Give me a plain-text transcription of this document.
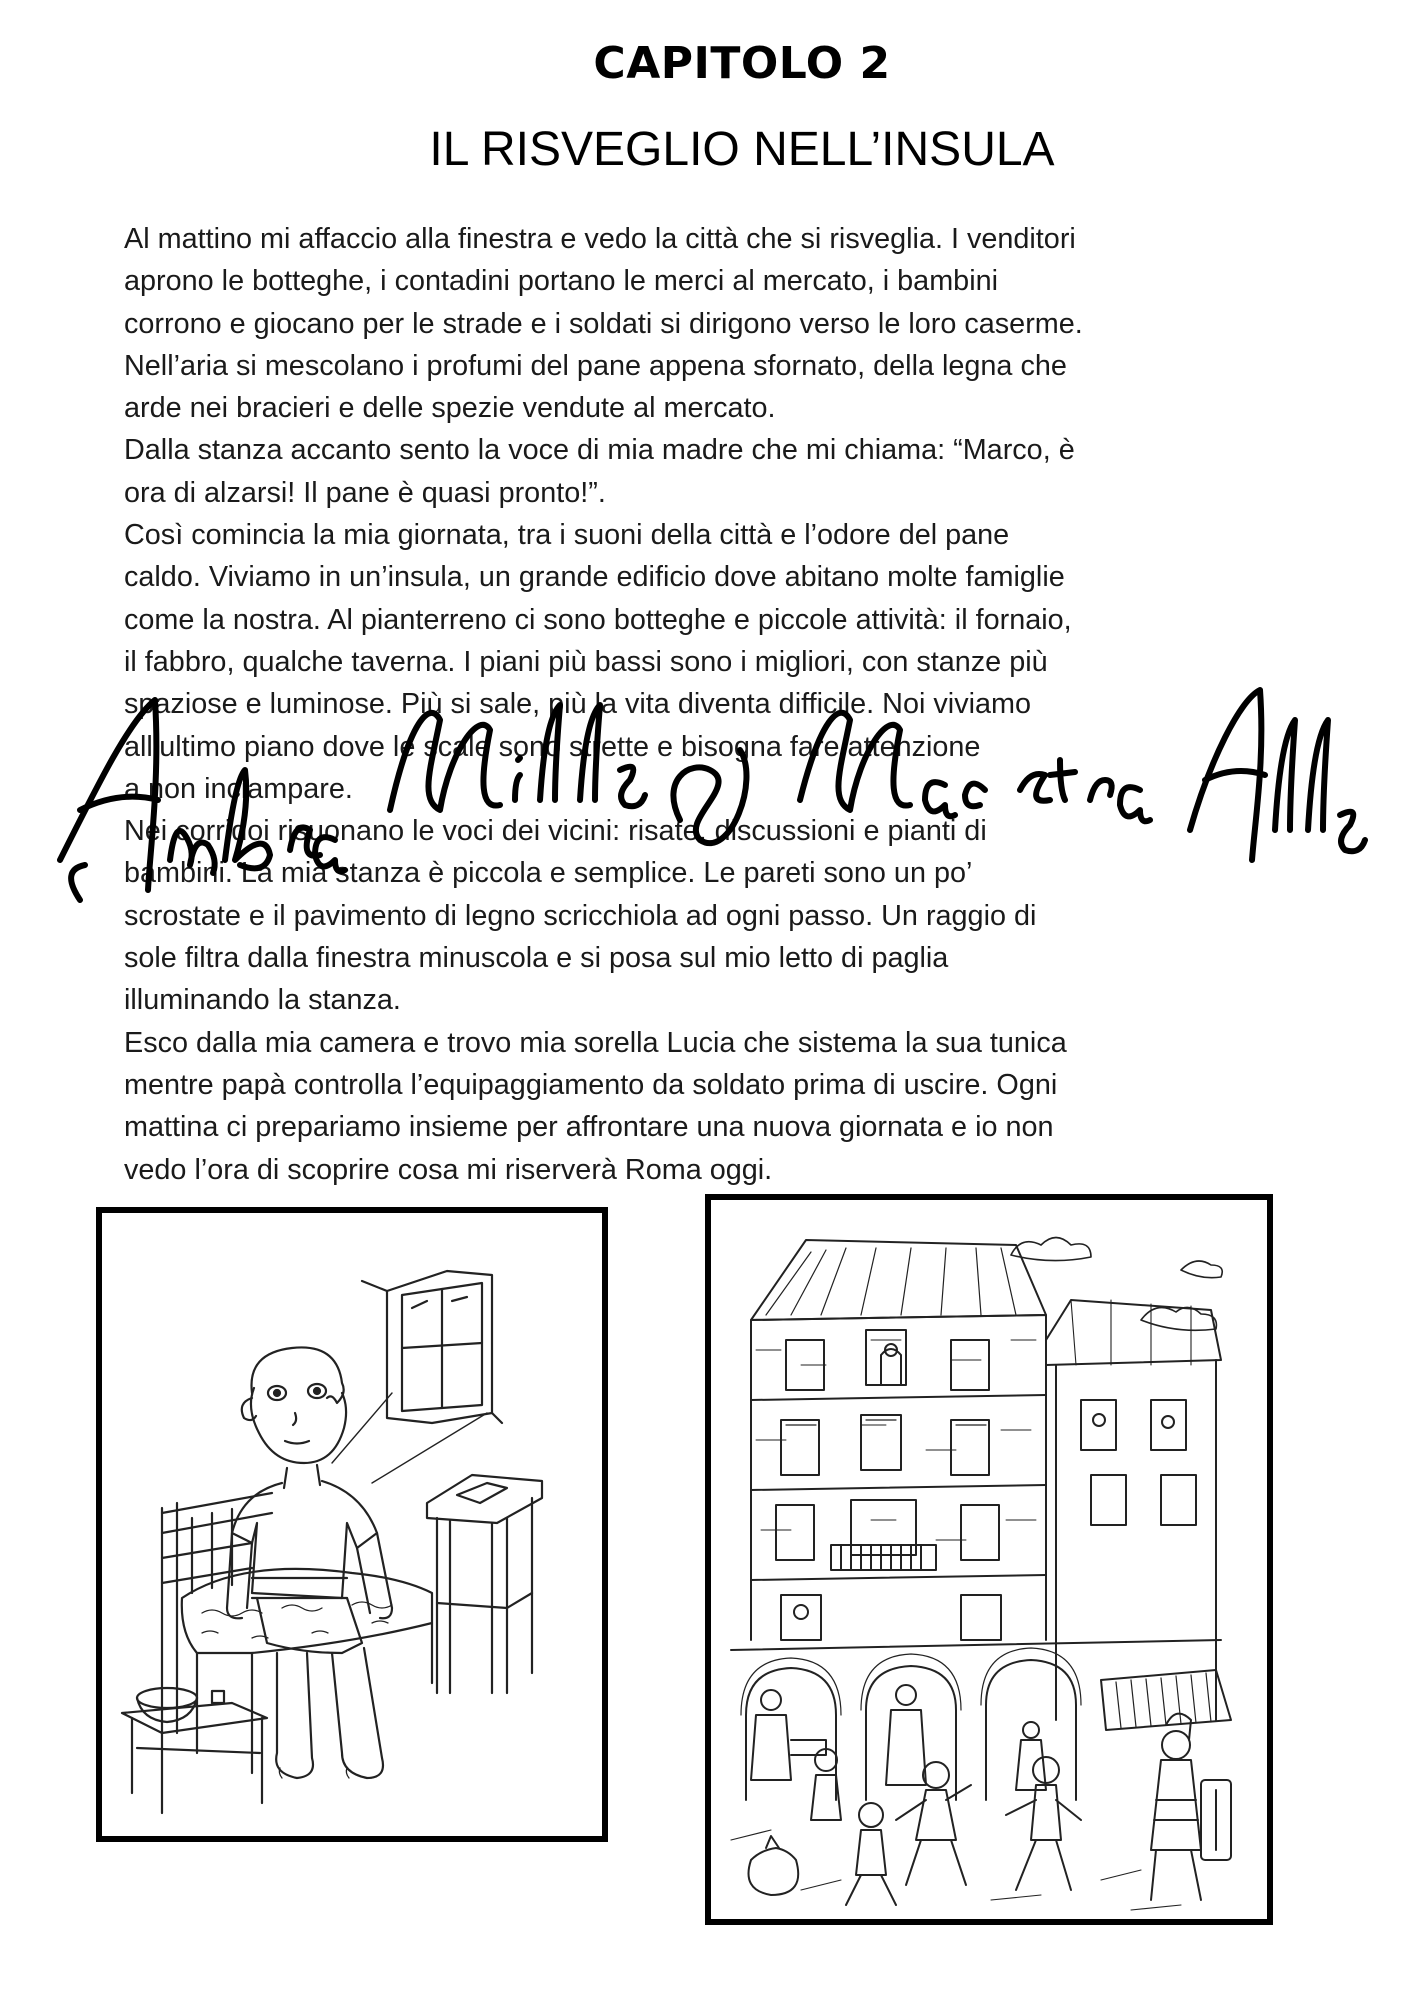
CAPITOLO 2
IL RISVEGLIO NELL’INSULA

Al mattino mi affaccio alla finestra e vedo la città che si risveglia. I venditori

aprono le botteghe, i contadini portano le merci al mercato, i bambini

corrono e giocano per le strade e i soldati si dirigono verso le loro caserme.

Nell’aria si mescolano i profumi del pane appena sfornato, della legna che

arde nei bracieri e delle spezie vendute al mercato.

Dalla stanza accanto sento la voce di mia madre che mi chiama: “Marco, è

ora di alzarsi! Il pane è quasi pronto!”.

Così comincia la mia giornata, tra i suoni della città e l’odore del pane

caldo. Viviamo in un’insula, un grande edificio dove abitano molte famiglie

come la nostra. Al pianterreno ci sono botteghe e piccole attività: il fornaio,

il fabbro, qualche taverna. I piani più bassi sono i migliori, con stanze più

spaziose e luminose. Più si sale, più la vita diventa difficile. Noi viviamo

all’ultimo piano dove le scale sono strette e bisogna fare attenzione

a non inciampare.

Nei corridoi risuonano le voci dei vicini: risate, discussioni e pianti di

bambini. La mia stanza è piccola e semplice. Le pareti sono un po’

scrostate e il pavimento di legno scricchiola ad ogni passo. Un raggio di

sole filtra dalla finestra minuscola e si posa sul mio letto di paglia

illuminando la stanza.

Esco dalla mia camera e trovo mia sorella Lucia che sistema la sua tunica

mentre papà controlla l’equipaggiamento da soldato prima di uscire. Ogni

mattina ci prepariamo insieme per affrontare una nuova giornata e io non

vedo l’ora di scoprire cosa mi riserverà Roma oggi.
